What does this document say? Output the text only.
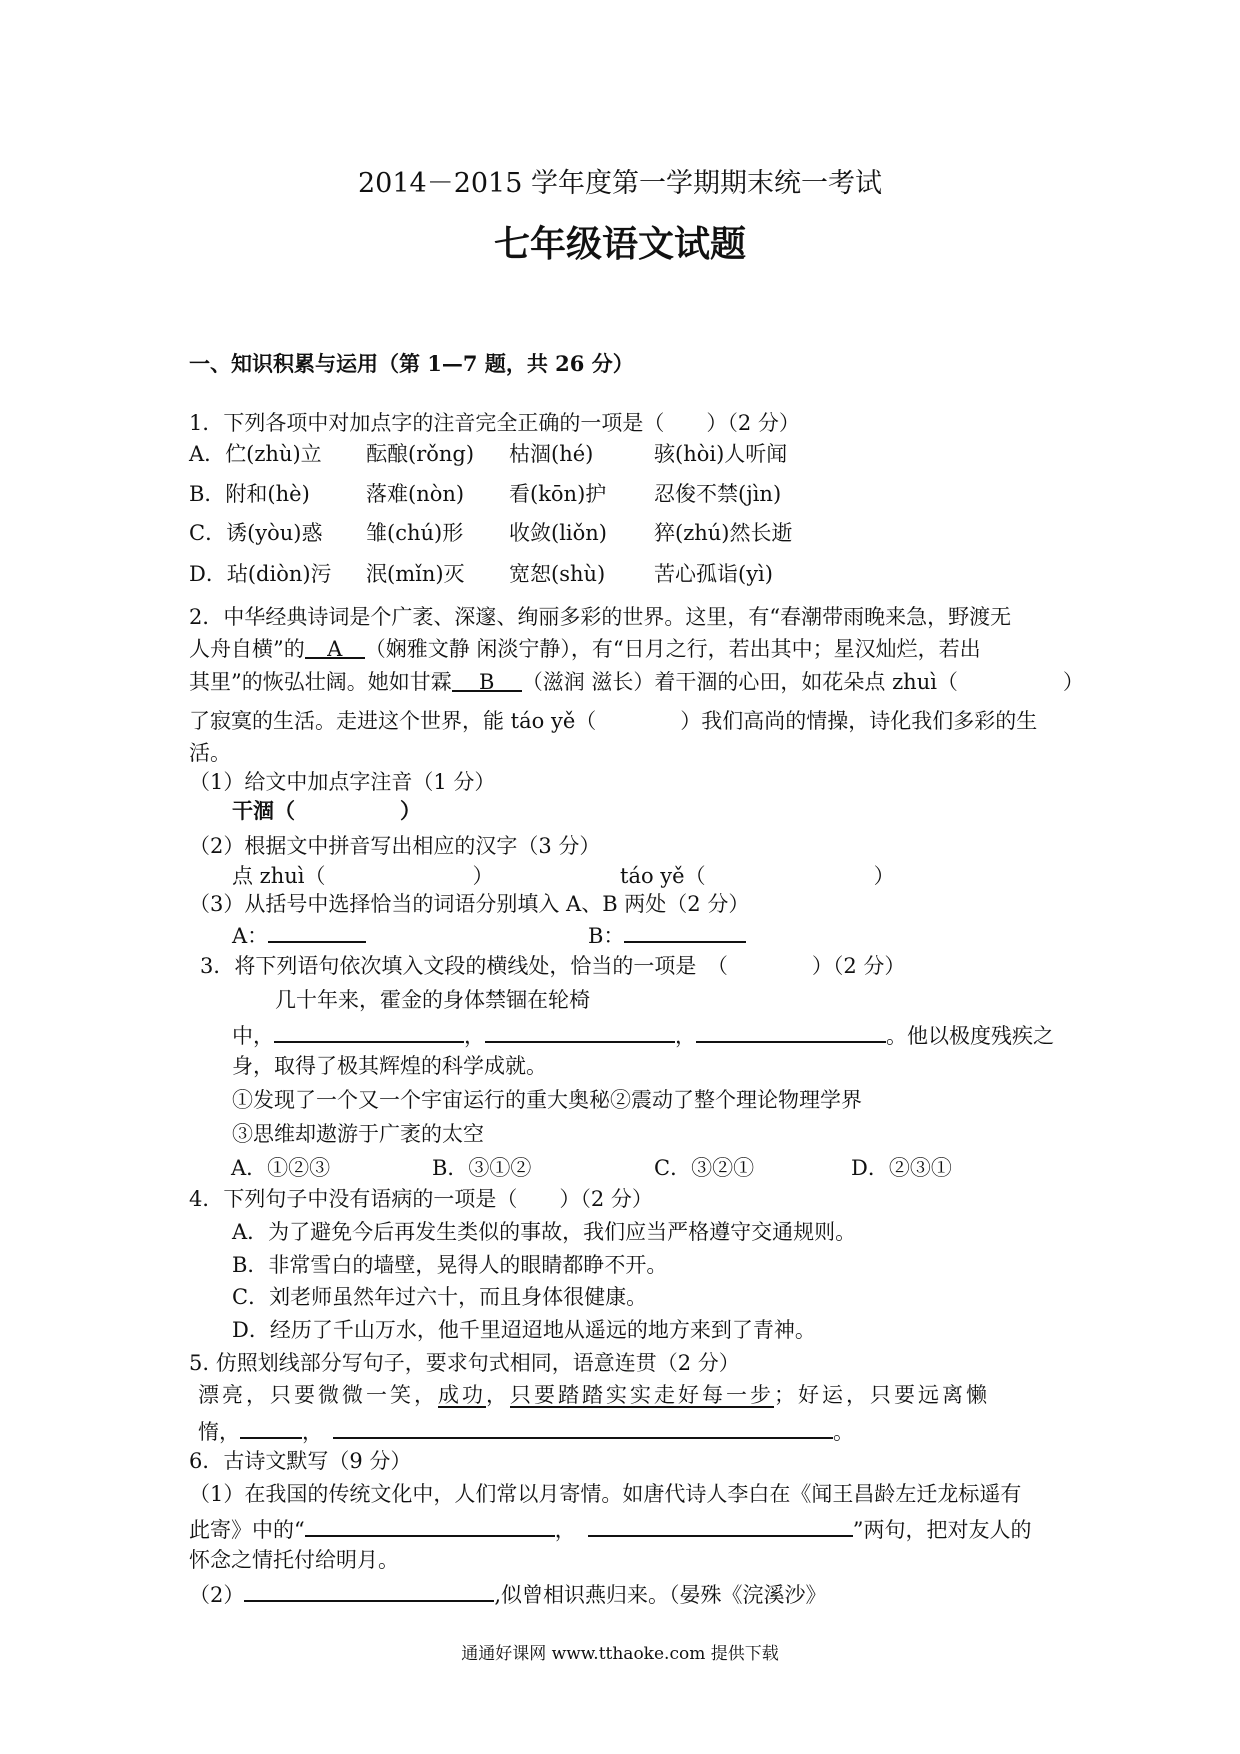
2014－2015 学年度第一学期期末统一考试
七年级语文试题
一、知识积累与运用（第 1—7 题，共 26 分）
1．下列各项中对加点字的注音完全正确的一项是（　　）（2 分）
A．伫(zhù)立 酝酿(rǒng) 枯涸(hé)	骇(hòi)人听闻
B．附和(hè)	落难(nòn) 看(kōn)护 忍俊不禁(jìn)
C．诱(yòu)惑 雏(chú)形 收敛(liǒn) 猝(zhú)然长逝
D．玷(diòn)污 泯(mǐn)灭 宽恕(shù) 苦心孤诣(yì)
2．中华经典诗词是个广袤、深邃、绚丽多彩的世界。这里，有“春潮带雨晚来急，野渡无
人舟自横”的 A （娴雅文静 闲淡宁静），有“日月之行，若出其中；星汉灿烂，若出
其里”的恢弘壮阔。她如甘霖 B （滋润 滋长）着干涸的心田，如花朵点 zhuì（　　　　　）
了寂寞的生活。走进这个世界，能 táo yě（　　　　）我们高尚的情操，诗化我们多彩的生
活。
（1）给文中加点字注音（1 分）
干涸（　　　　　）
（2）根据文中拼音写出相应的汉字（3 分）
点 zhuì（　　　　　　　）	táo yě（　　　　　　　　）
（3）从括号中选择恰当的词语分别填入 A、B 两处（2 分）
A：	B：
3．将下列语句依次填入文段的横线处，恰当的一项是　（　　　　）（2 分）
几十年来，霍金的身体禁锢在轮椅
中，	，	，	。他以极度残疾之
身，取得了极其辉煌的科学成就。
①发现了一个又一个宇宙运行的重大奥秘②震动了整个理论物理学界
③思维却遨游于广袤的太空
A．①②③	B．③①②	C．③②①	D．②③①
4．下列句子中没有语病的一项是（　　）（2 分）
A．为了避免今后再发生类似的事故，我们应当严格遵守交通规则。
B．非常雪白的墙壁，晃得人的眼睛都睁不开。
C．刘老师虽然年过六十，而且身体很健康。
D．经历了千山万水，他千里迢迢地从遥远的地方来到了青神。
5. 仿照划线部分写句子，要求句式相同，语意连贯（2 分）
漂亮，只要微微一笑，成功，只要踏踏实实走好每一步；好运，只要远离懒
惰，	，	。
6．古诗文默写（9 分）
（1）在我国的传统文化中，人们常以月寄情。如唐代诗人李白在《闻王昌龄左迁龙标遥有
此寄》中的“	，	”两句，把对友人的
怀念之情托付给明月。
（2）	,似曾相识燕归来。（晏殊《浣溪沙》
通通好课网 www.tthaoke.com 提供下载
